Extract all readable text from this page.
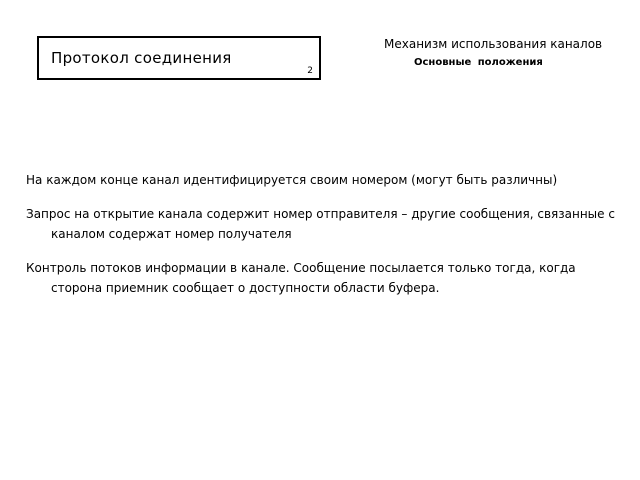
Протокол соединения
2
Механизм использования каналов
Основные положения

На каждом конце канал идентифицируется своим номером (могут быть различны)

Запрос на открытие канала содержит номер отправителя – другие сообщения, связанные с каналом содержат номер получателя

Контроль потоков информации в канале. Сообщение посылается только тогда, когда сторона приемник сообщает о доступности области буфера.
